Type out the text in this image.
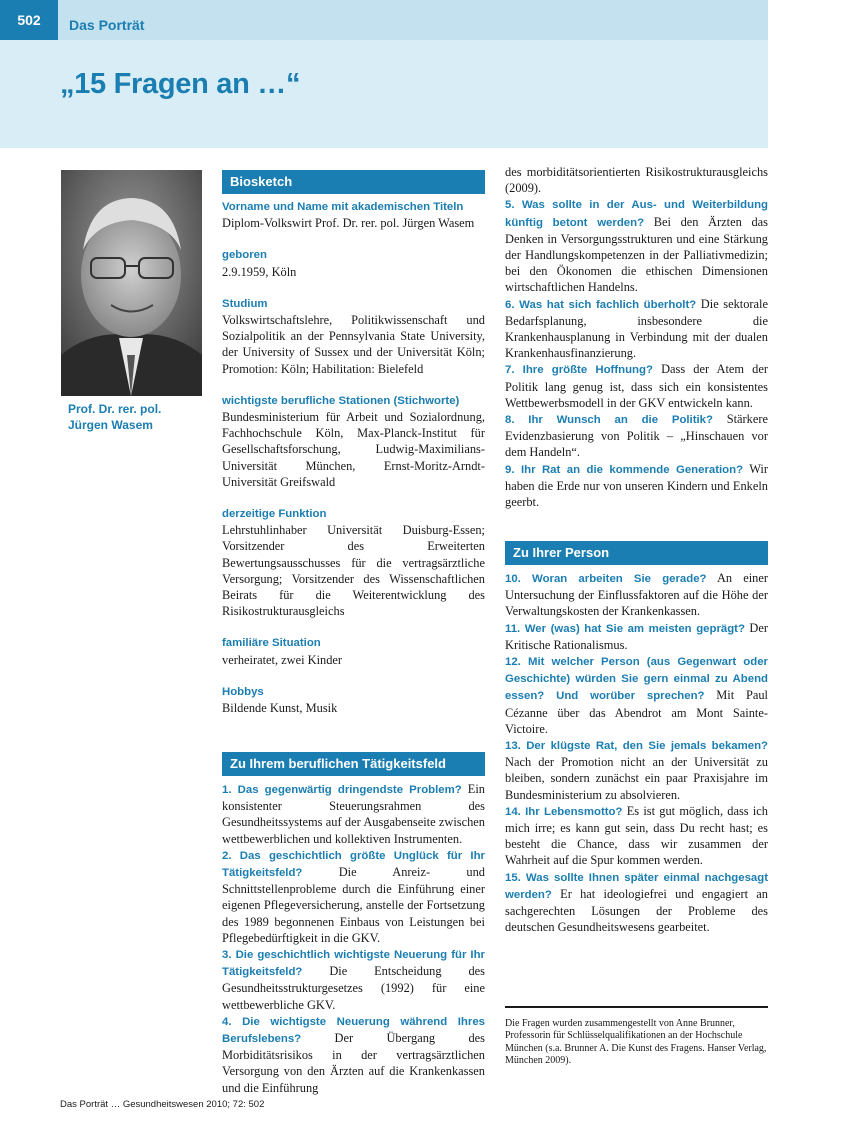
502	Das Porträt
„15 Fragen an …“
Prof. Dr. rer. pol.
Jürgen Wasem
Biosketch

Vorname und Name mit akademischen Titeln

Diplom-Volkswirt Prof. Dr. rer. pol. Jürgen Wasem

geboren

2.9.1959, Köln

Studium

Volkswirtschaftslehre, Politikwissenschaft und Sozialpolitik an der Pennsylvania State University, der University of Sussex und der Universität Köln; Promotion: Köln; Habilitation: Bielefeld

wichtigste berufliche Stationen (Stichworte)

Bundesministerium für Arbeit und Sozialordnung, Fachhochschule Köln, Max-Planck-Institut für Gesellschaftsforschung, Ludwig-Maximilians-Universität München, Ernst-Moritz-Arndt-Universität Greifswald

derzeitige Funktion

Lehrstuhlinhaber Universität Duisburg-Essen; Vorsitzender des Erweiterten Bewertungsausschusses für die vertragsärztliche Versorgung; Vorsitzender des Wissenschaftlichen Beirats für die Weiterentwicklung des Risikostrukturausgleichs

familiäre Situation

verheiratet, zwei Kinder

Hobbys

Bildende Kunst, Musik

Zu Ihrem beruflichen Tätigkeitsfeld

1. Das gegenwärtig dringendste Problem? Ein konsistenter Steuerungsrahmen des Gesundheitssystems auf der Ausgabenseite zwischen wettbewerblichen und kollektiven Instrumenten.

2. Das geschichtlich größte Unglück für Ihr Tätigkeitsfeld?	Die Anreiz- und Schnittstellenprobleme durch die Einführung einer eigenen Pflegeversicherung, anstelle der Fortsetzung des 1989 begonnenen Einbaus von Leistungen bei Pflegebedürftigkeit in die GKV.

3. Die geschichtlich wichtigste Neuerung für Ihr Tätigkeitsfeld? Die Entscheidung des Gesundheitsstrukturgesetzes (1992) für eine wettbewerbliche GKV.

4. Die wichtigste Neuerung während Ihres Berufslebens?	Der Übergang des Morbiditätsrisikos in der vertragsärztlichen Versorgung von den Ärzten auf die Krankenkassen und die Einführung

des morbiditätsorientierten Risikostrukturausgleichs (2009).

5. Was sollte in der Aus- und Weiterbildung künftig betont werden? Bei den Ärzten das Denken in Versorgungsstrukturen und eine Stärkung der Handlungskompetenzen in der Palliativmedizin; bei den Ökonomen die ethischen Dimensionen wirtschaftlichen Handelns.

6. Was hat sich fachlich überholt? Die sektorale Bedarfsplanung, insbesondere die Krankenhausplanung in Verbindung mit der dualen Krankenhausfinanzierung.

7. Ihre größte Hoffnung? Dass der Atem der Politik lang genug ist, dass sich ein konsistentes Wettbewerbsmodell in der GKV entwickeln kann.

8. Ihr Wunsch an die Politik? Stärkere Evidenzbasierung von Politik – „Hinschauen vor dem Handeln“.

9. Ihr Rat an die kommende Generation? Wir haben die Erde nur von unseren Kindern und Enkeln geerbt.

Zu Ihrer Person

10. Woran arbeiten Sie gerade? An einer Untersuchung der Einflussfaktoren auf die Höhe der Verwaltungskosten der Krankenkassen.

11. Wer (was) hat Sie am meisten geprägt? Der Kritische Rationalismus.

12. Mit welcher Person (aus Gegenwart oder Geschichte) würden Sie gern einmal zu Abend essen? Und worüber sprechen? Mit Paul Cézanne über das Abendrot am Mont Sainte-Victoire.

13. Der klügste Rat, den Sie jemals bekamen? Nach der Promotion nicht an der Universität zu bleiben, sondern zunächst ein paar Praxisjahre im Bundesministerium zu absolvieren.

14. Ihr Lebensmotto? Es ist gut möglich, dass ich mich irre; es kann gut sein, dass Du recht hast; es besteht die Chance, dass wir zusammen der Wahrheit auf die Spur kommen werden.

15. Was sollte Ihnen später einmal nachgesagt werden? Er hat ideologiefrei und engagiert an sachgerechten Lösungen der Probleme des deutschen Gesundheitswesens gearbeitet.

Die Fragen wurden zusammengestellt von Anne Brunner, Professorin für Schlüsselqualifikationen an der Hochschule München (s.a. Brunner A. Die Kunst des Fragens. Hanser Verlag, München 2009).
Das Porträt … Gesundheitswesen 2010; 72: 502
